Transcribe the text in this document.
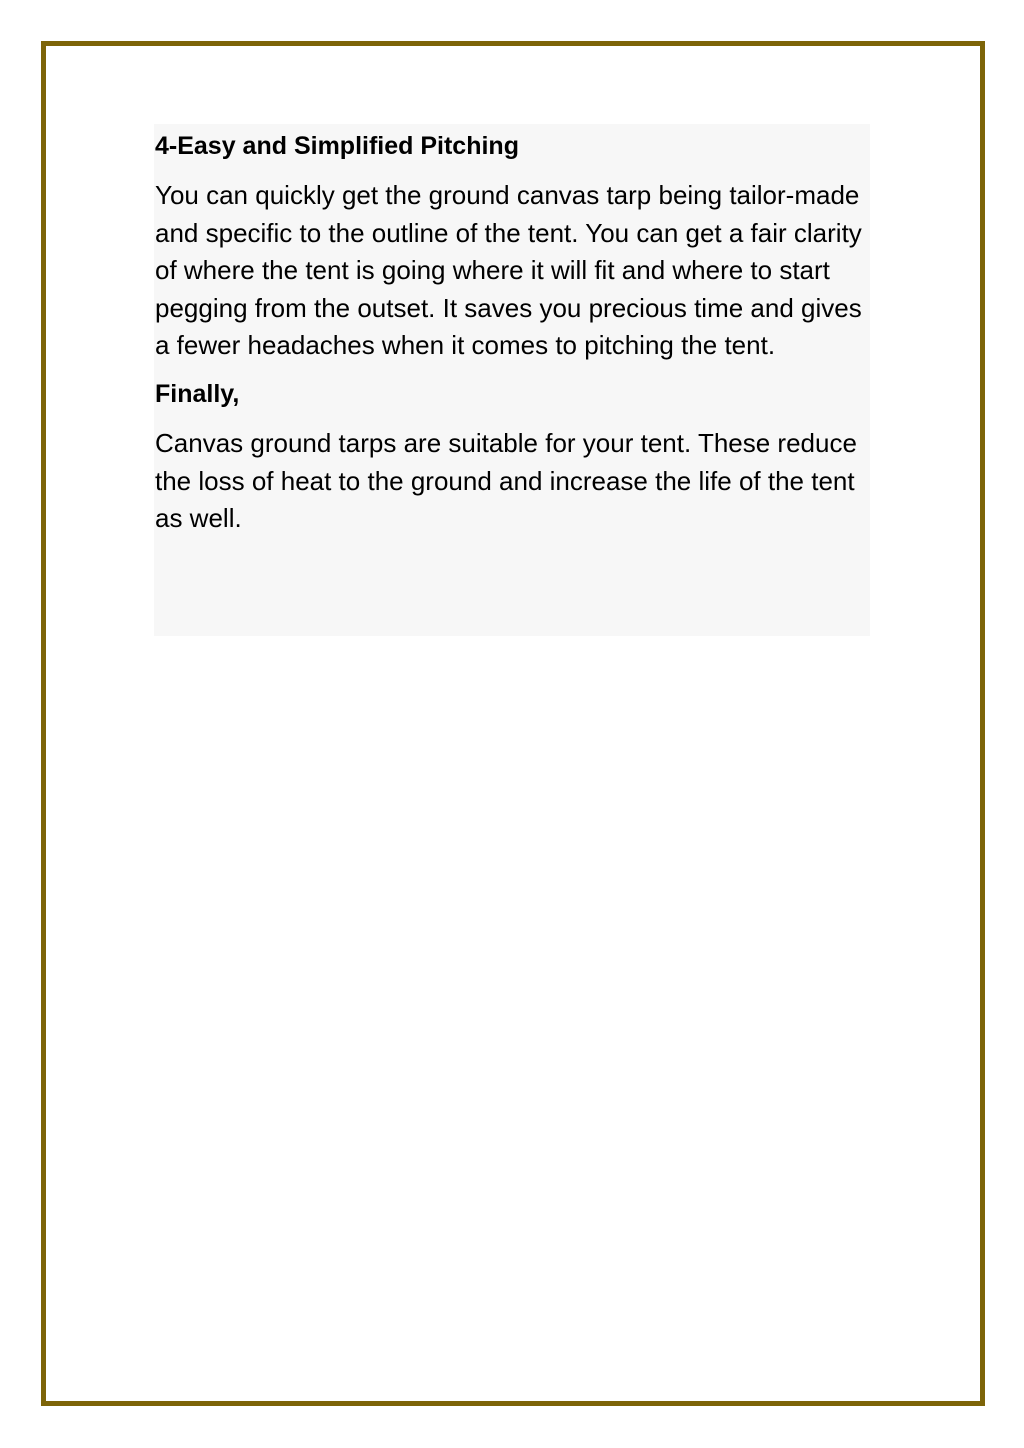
4-Easy and Simplified Pitching

You can quickly get the ground canvas tarp being tailor-made and specific to the outline of the tent. You can get a fair clarity of where the tent is going where it will fit and where to start pegging from the outset. It saves you precious time and gives a fewer headaches when it comes to pitching the tent.

Finally,

Canvas ground tarps are suitable for your tent. These reduce the loss of heat to the ground and increase the life of the tent as well.
